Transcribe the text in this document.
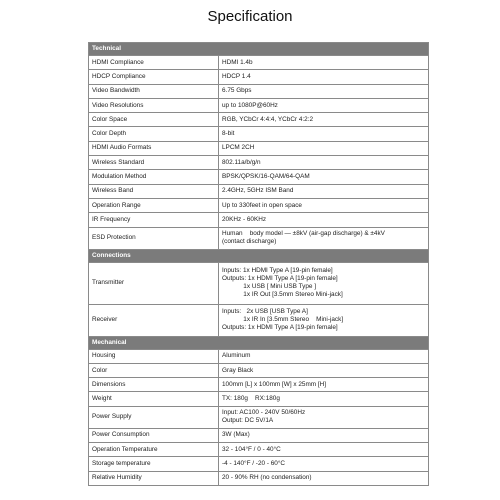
Specification
Technical	
HDMI Compliance	HDMI 1.4b

HDCP Compliance	HDCP 1.4

Video Bandwidth	6.75 Gbps

Video Resolutions	up to 1080P@60Hz

Color Space	RGB, YCbCr 4:4:4, YCbCr 4:2:2

Color Depth	8-bit

HDMI Audio Formats	LPCM 2CH

Wireless Standard	802.11a/b/g/n

Modulation Method	BPSK/QPSK/16-QAM/64-QAM

Wireless Band	2.4GHz, 5GHz ISM Band

Operation Range	Up to 330feet in open space

IR Frequency	20KHz - 60KHz

ESD Protection	Human    body model — ±8kV (air-gap discharge) & ±4kV
(contact discharge)

Connections	
Transmitter	Inputs: 1x HDMI Type A [19-pin female]
Outputs: 1x HDMI Type A [19-pin female]
1x USB [ Mini USB Type ]
1x IR Out [3.5mm Stereo Mini-jack]

Receiver	Inputs:   2x USB [USB Type A]
1x IR In [3.5mm Stereo    Mini-jack]
Outputs: 1x HDMI Type A [19-pin female]

Mechanical	
Housing	Aluminum

Color	Gray Black

Dimensions	100mm [L] x 100mm [W] x 25mm [H]

Weight	TX: 180g    RX:180g

Power Supply	Input: AC100 - 240V 50/60Hz
Output: DC 5V/1A

Power Consumption	3W (Max)

Operation Temperature	32 - 104°F / 0 - 40°C

Storage temperature	-4 - 140°F / -20 - 60°C

Relative Humidity	20 - 90% RH (no condensation)
